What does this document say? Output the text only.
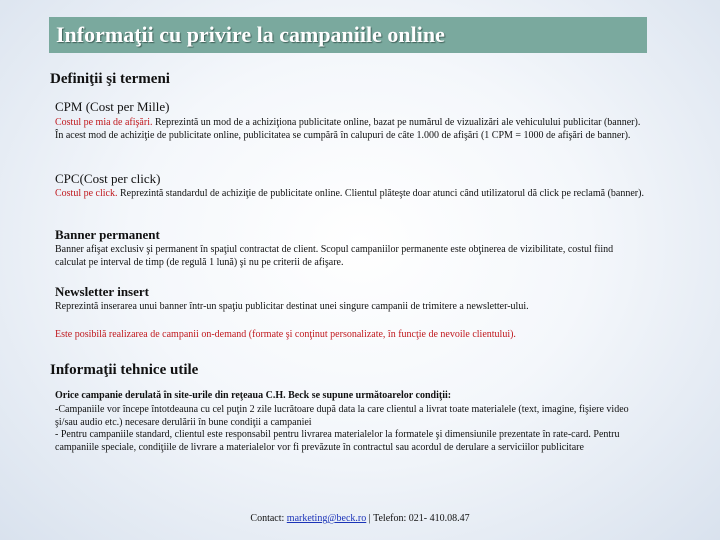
Informaţii cu privire la campaniile online
Definiţii şi termeni
CPM (Cost per Mille)
Costul pe mia de afişări. Reprezintă un mod de a achiziţiona publicitate online, bazat pe numărul de vizualizări ale vehiculului publicitar (banner). În acest mod de achiziţie de publicitate online, publicitatea se cumpără în calupuri de câte 1.000 de afişări (1 CPM = 1000 de afişări de banner).
CPC(Cost per click)
Costul pe click. Reprezintă standardul de achiziţie de publicitate online. Clientul plăteşte doar atunci când utilizatorul dă click pe reclamă (banner).
Banner permanent
Banner afişat exclusiv şi permanent în spaţiul contractat de client. Scopul campaniilor permanente este obţinerea de vizibilitate, costul fiind calculat pe interval de timp (de regulă 1 lună) şi nu pe criterii de afişare.
Newsletter insert
Reprezintă inserarea unui banner într-un spaţiu publicitar destinat unei singure campanii de trimitere a newsletter-ului.
Este posibilă realizarea de campanii on-demand (formate şi conţinut personalizate, în funcţie de nevoile clientului).
Informaţii tehnice utile
Orice campanie derulată în site-urile din reţeaua C.H. Beck se supune următoarelor condiţii:
-Campaniile vor începe întotdeauna cu cel puţin 2 zile lucrătoare după data la care clientul a livrat toate materialele (text, imagine, fişiere video şi/sau audio etc.) necesare derulării în bune condiţii a campaniei
- Pentru campaniile standard, clientul este responsabil pentru livrarea materialelor la formatele şi dimensiunile prezentate în rate-card. Pentru campaniile speciale, condiţiile de livrare a materialelor vor fi prevăzute în contractul sau acordul de derulare a serviciilor publicitare
Contact: marketing@beck.ro | Telefon: 021- 410.08.47
